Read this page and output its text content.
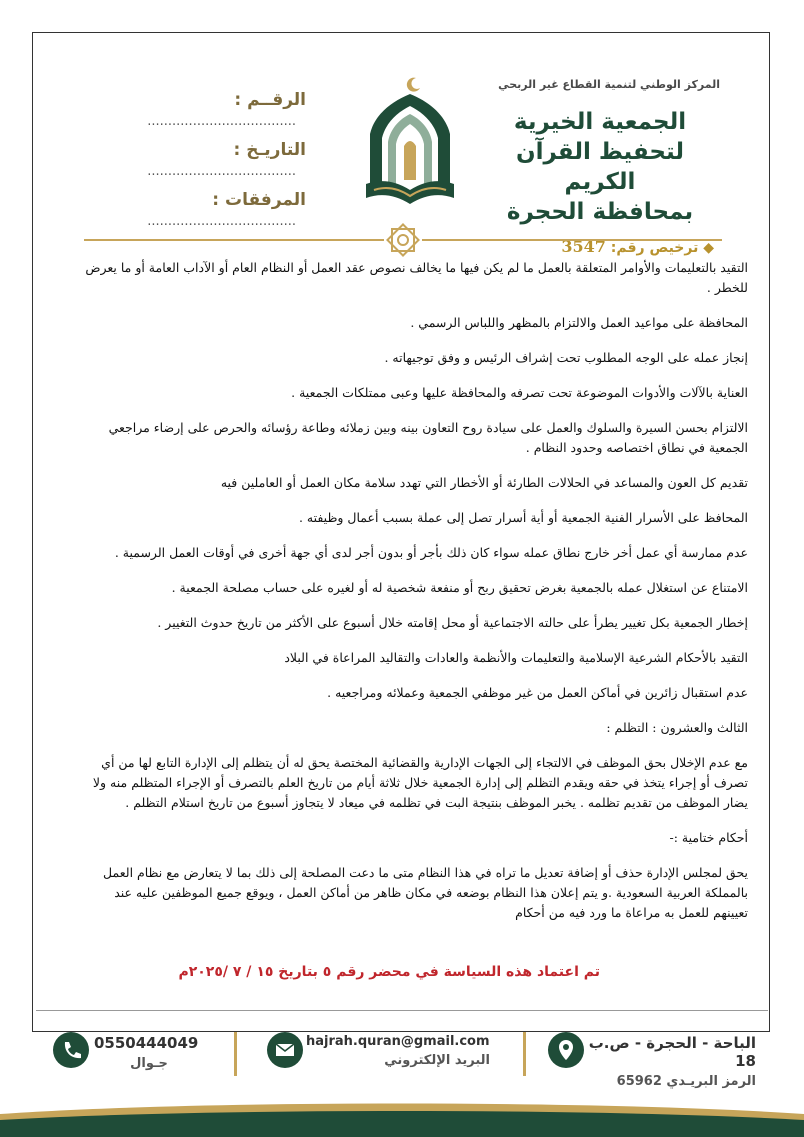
المركز الوطني لتنمية القطاع غير الربحي
الجمعية الخيرية
لتحفيظ القرآن الكريم
بمحافظة الحجرة
◆ ترخيص رقم: 3547
الرقــم : ....................................
التاريـخ : ....................................
المرفقات : ....................................

التقيد بالتعليمات والأوامر المتعلقة بالعمل ما لم يكن فيها ما يخالف نصوص عقد العمل أو النظام العام أو الآداب العامة أو ما يعرض للخطر .

المحافظة على مواعيد العمل والالتزام بالمظهر واللباس الرسمي .

إنجاز عمله على الوجه المطلوب تحت إشراف الرئيس و وفق توجيهاته .

العناية بالآلات والأدوات الموضوعة تحت تصرفه والمحافظة عليها وعبى ممتلكات الجمعية .

الالتزام بحسن السيرة والسلوك والعمل على سيادة روح التعاون بينه وبين زملائه وطاعة رؤسائه والحرص على إرضاء مراجعي الجمعية في نطاق اختصاصه وحدود النظام .

تقديم كل العون والمساعد في الحلالات الطارئة أو الأخطار التي تهدد سلامة مكان العمل أو العاملين فيه

المحافظ على الأسرار الفنية الجمعية أو أية أسرار تصل إلى عملة بسبب أعمال وظيفته .

عدم ممارسة أي عمل أخر خارج نطاق عمله سواء كان ذلك بأجر أو بدون أجر لدى أي جهة أخرى في أوقات العمل الرسمية .

الامتناع عن استغلال عمله بالجمعية بغرض تحقيق ربح أو منفعة شخصية له أو لغيره على حساب مصلحة الجمعية .

إخطار الجمعية بكل تغيير يطرأ على حالته الاجتماعية أو محل إقامته خلال أسبوع على الأكثر من تاريخ حدوث التغيير .

التقيد بالأحكام الشرعية الإسلامية والتعليمات والأنظمة والعادات والتقاليد المراعاة في البلاد

عدم استقبال زائرين في أماكن العمل من غير موظفي الجمعية وعملائه ومراجعيه .

الثالث والعشرون : التظلم :

مع عدم الإخلال بحق الموظف في الالتجاء إلى الجهات الإدارية والقضائية المختصة يحق له أن يتظلم إلى الإدارة التابع لها من أي تصرف أو إجراء يتخذ في حقه ويقدم التظلم إلى إدارة الجمعية خلال ثلاثة أيام من تاريخ العلم بالتصرف أو الإجراء المتظلم منه ولا يضار الموظف من تقديم تظلمه . يخبر الموظف بنتيجة البت في تظلمه في ميعاد لا يتجاوز أسبوع من تاريخ استلام التظلم .

أحكام ختامية :-

يحق لمجلس الإدارة حذف أو إضافة تعديل ما تراه في هذا النظام متى ما دعت المصلحة إلى ذلك بما لا يتعارض مع نظام العمل بالمملكة العربية السعودية .و يتم إعلان هذا النظام بوضعه في مكان ظاهر من أماكن العمل ، ويوقع جميع الموظفين عليه عند تعيينهم للعمل به مراعاة ما ورد فيه من أحكام

تم اعتماد هذه السياسة في محضر رقم ٥ بتاريخ ١٥ / ٧ /٢٠٢٥م
الباحة - الحجرة - ص.ب 18
الرمز البريـدي 65962
hajrah.quran@gmail.com
البريد الإلكتروني
0550444049
جـوال
